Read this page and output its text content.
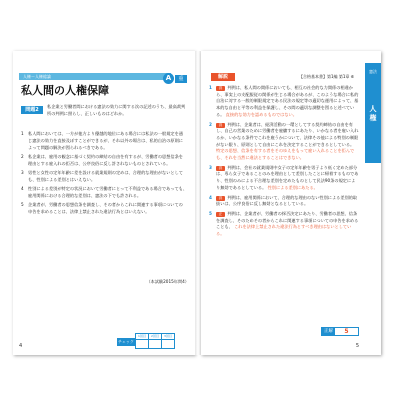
人権ー人権総論
私人間の人権保障
A	重
問題2
私企業と労働者間における憲法の効力に関する次の記述のうち、最高裁判所の判例に照らし、正しいものはどれか。
1 私人間においては、一方が他方より優越的地位にある場合には私法の一般規定を通じ憲法の効力を直接及ぼすことができるが、それ以外の場合は、私的自治の原則によって問題の解決が図られるべきである。
2 私企業は、雇用の観念に基づく契約の締結の自由を有するが、労働者の思想信条を理由とする雇入れの拒否は、公序良俗に反し許されないものとされている。
3 男性と女性の定年年齢に差を設ける就業規則の定めは、合理的な理由がないとしても、性別による差別とはいえない。
4 性別による差別が特定の状況において労働者にとって不利益である場合であっても、雇用関係における合理的な差別は、憲法の下でも許される。
5 企業者が、労働者の思想信条を調査し、その者からこれに関連する事項についての申告を求めることは、法律上禁止された違法行為とはいえない。
（本試験2015年問4）
チェック欄
1回目	2回目	3回目

4
憲法
人権
解説	【合格基本書】第1編 第1章 ⑥
1 誤 判例は、私人間の関係においても、相互の社会的な力関係の相違から、事実上の支配服従の関係が生じる場合があるが、このような場合に私的自治に対する一般的制限規定である民法の規定等の適切な運用によって、基本的な自由と平等の利益を保護し、その間の適切な調整を図ると述べている。 直接的な効力を認めるものではない。
2 誤 判例は、企業者は、経済活動の一環としてする契約締結の自由を有し、自己の営業のために労働者を雇傭するにあたり、いかなる者を雇い入れるか、いかなる条件でこれを雇うかについて、法律その他による特別の制限がない限り、原則として自由にこれを決定することができるとしている。 特定の思想、信条を有する者をそのゆえをもって雇い入れることを拒んでも、それを当然に違法とすることはできない。
3 誤 判例は、会社の就業規則中女子の定年年齢を男子より低く定めた部分は、専ら女子であることのみを理由として差別したことに帰着するものであり、性別のみによる不合理な差別を定めたものとして民法90条の規定により無効であるとしている。 性別による差別にあたる。
4 誤 判例は、雇用関係において、合理的な理由のない性別による差別的取扱いは、公序良俗に反し無効となるとしている。
5 正 判例は、企業者が、労働者の採否決定にあたり、労働者の思想、信条を調査し、そのためその者からこれに関連する事項についての申告を求めることも、 これを法律上禁止された違法行為とすべき理由はないとしている。
正解	5
5
